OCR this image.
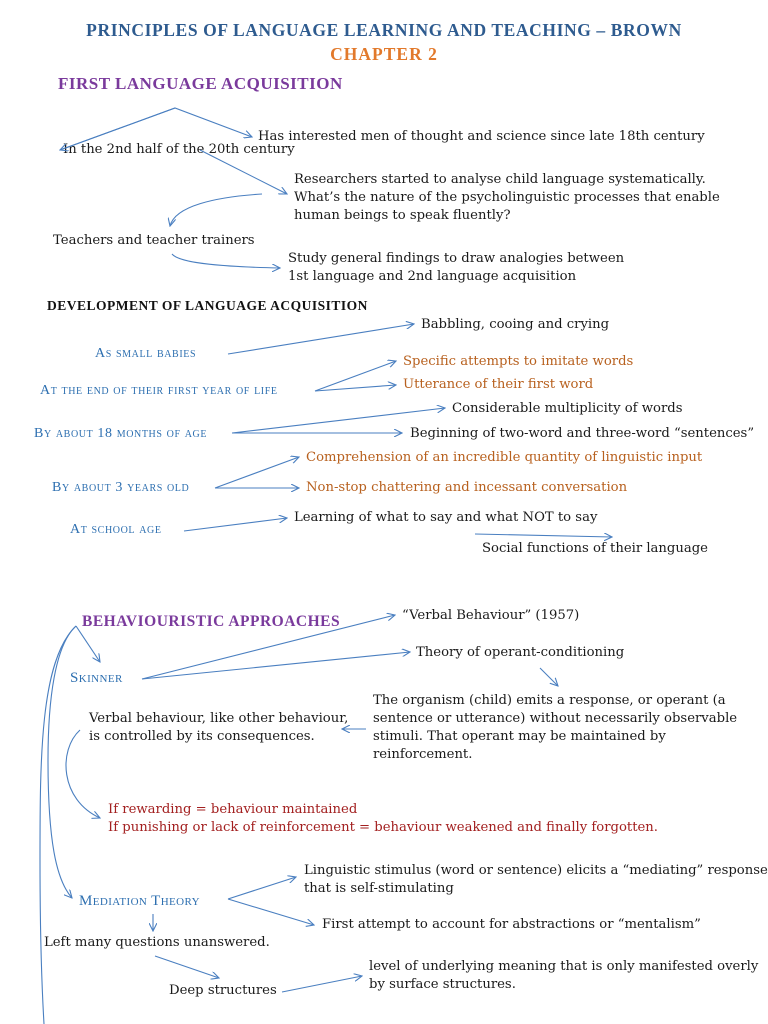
PRINCIPLES OF LANGUAGE LEARNING AND TEACHING – BROWN
CHAPTER 2
FIRST LANGUAGE ACQUISITION
Has interested men of thought and science since late 18th century
In the 2nd half of the 20th century
Researchers started to analyse child language systematically.
What’s the nature of the psycholinguistic processes that enable
human beings to speak fluently?
Teachers and teacher trainers
Study general findings to draw analogies between
1st language and 2nd language acquisition
DEVELOPMENT OF LANGUAGE ACQUISITION
Babbling, cooing and crying
As small babies
Specific attempts to imitate words
At the end of their first year of life	Utterance of their first word
Considerable multiplicity of words
By about 18 months of age	Beginning of two-word and three-word “sentences”
Comprehension of an incredible quantity of linguistic input
By about 3 years old	Non-stop chattering and incessant conversation
Learning of what to say and what NOT to say
At school age
Social functions of their language
BEHAVIOURISTIC APPROACHES	“Verbal Behaviour” (1957)
Theory of operant-conditioning
Skinner
The organism (child) emits a response, or operant (a
sentence or utterance) without necessarily observable
stimuli. That operant may be maintained by
reinforcement.
Verbal behaviour, like other behaviour,
is controlled by its consequences.
If rewarding = behaviour maintained
If punishing or lack of reinforcement = behaviour weakened and finally forgotten.
Linguistic stimulus (word or sentence) elicits a “mediating” response
that is self-stimulating
Mediation Theory
First attempt to account for abstractions or “mentalism”
Left many questions unanswered.
level of underlying meaning that is only manifested overly
by surface structures.
Deep structures
